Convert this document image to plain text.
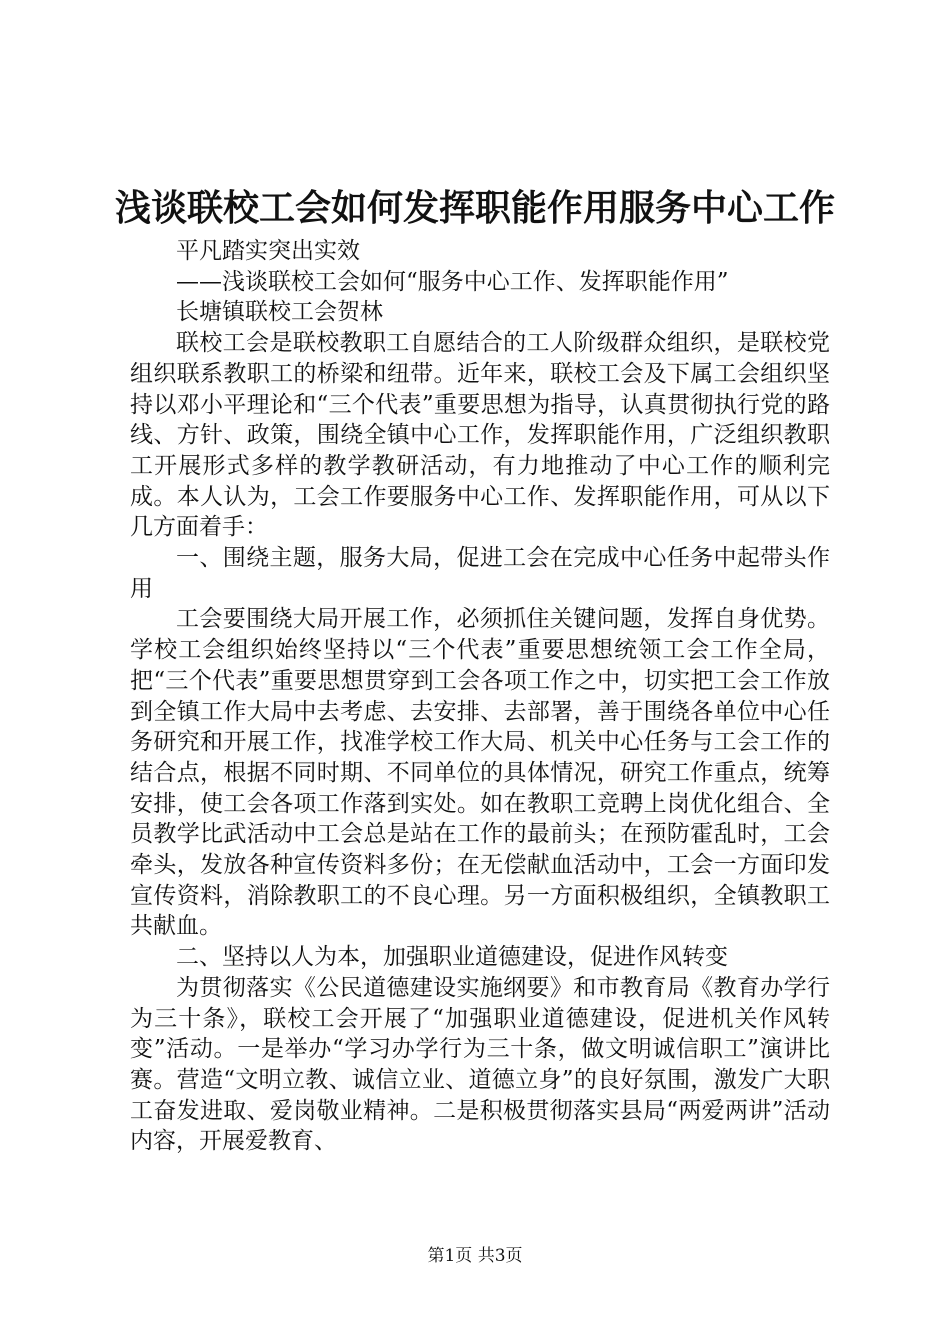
浅谈联校工会如何发挥职能作用服务中心工作

平凡踏实突出实效

——浅谈联校工会如何“服务中心工作、发挥职能作用”

长塘镇联校工会贺林

联校工会是联校教职工自愿结合的工人阶级群众组织，是联校党组织联系教职工的桥梁和纽带。近年来，联校工会及下属工会组织坚持以邓小平理论和“三个代表”重要思想为指导，认真贯彻执行党的路线、方针、政策，围绕全镇中心工作，发挥职能作用，广泛组织教职工开展形式多样的教学教研活动，有力地推动了中心工作的顺利完成。本人认为，工会工作要服务中心工作、发挥职能作用，可从以下几方面着手：

一、围绕主题，服务大局，促进工会在完成中心任务中起带头作用

工会要围绕大局开展工作，必须抓住关键问题，发挥自身优势。学校工会组织始终坚持以“三个代表”重要思想统领工会工作全局，把“三个代表”重要思想贯穿到工会各项工作之中，切实把工会工作放到全镇工作大局中去考虑、去安排、去部署，善于围绕各单位中心任务研究和开展工作，找准学校工作大局、机关中心任务与工会工作的结合点，根据不同时期、不同单位的具体情况，研究工作重点，统筹安排，使工会各项工作落到实处。如在教职工竞聘上岗优化组合、全员教学比武活动中工会总是站在工作的最前头；在预防霍乱时，工会牵头，发放各种宣传资料多份；在无偿献血活动中，工会一方面印发宣传资料，消除教职工的不良心理。另一方面积极组织，全镇教职工共献血。

二、坚持以人为本，加强职业道德建设，促进作风转变

为贯彻落实《公民道德建设实施纲要》和市教育局《教育办学行为三十条》，联校工会开展了“加强职业道德建设，促进机关作风转变”活动。一是举办“学习办学行为三十条，做文明诚信职工”演讲比赛。营造“文明立教、诚信立业、道德立身”的良好氛围，激发广大职工奋发进取、爱岗敬业精神。二是积极贯彻落实县局“两爱两讲”活动内容，开展爱教育、

第1页 共3页
